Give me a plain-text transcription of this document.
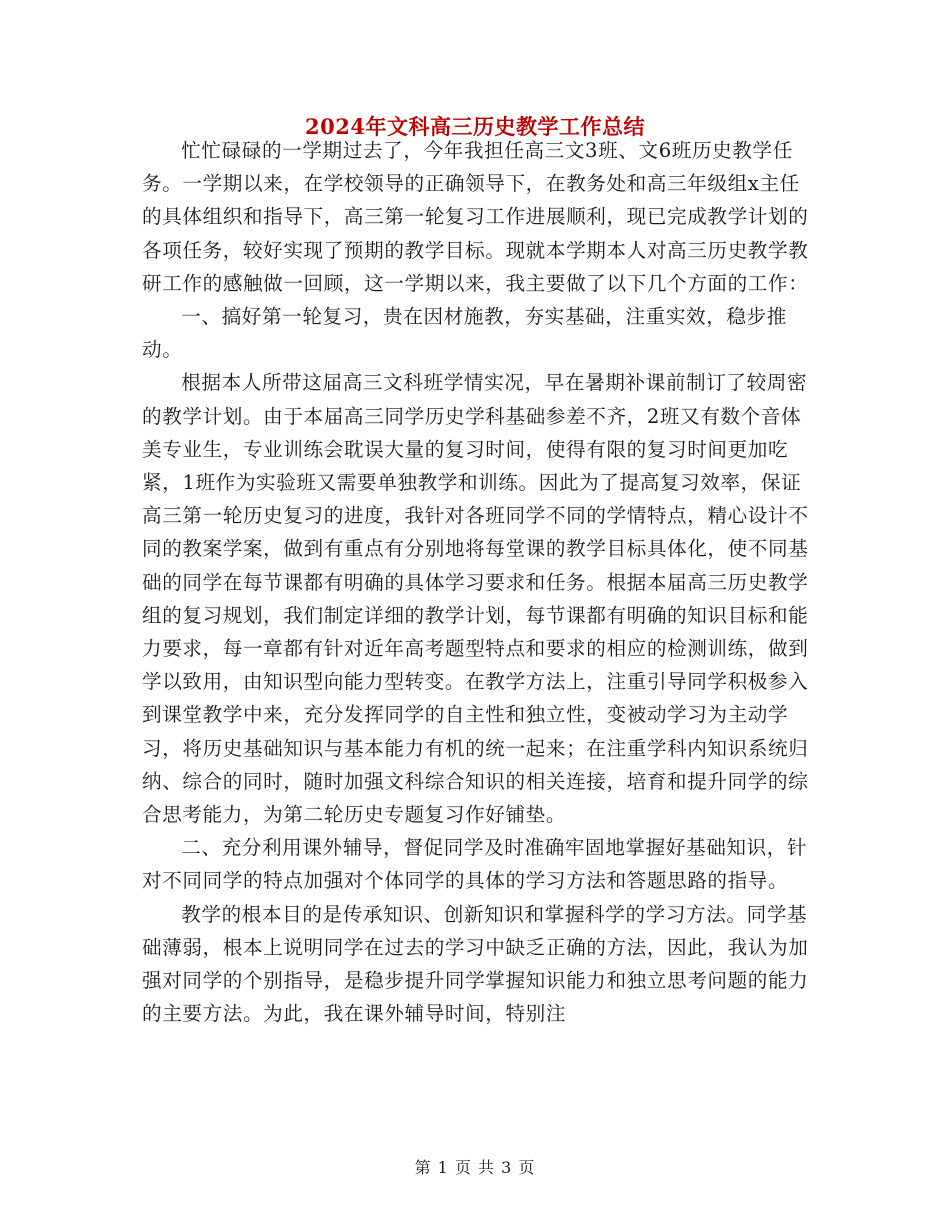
2024年文科高三历史教学工作总结

忙忙碌碌的一学期过去了，今年我担任高三文3班、文6班历史教学任务。一学期以来，在学校领导的正确领导下，在教务处和高三年级组x主任的具体组织和指导下，高三第一轮复习工作进展顺利，现已完成教学计划的各项任务，较好实现了预期的教学目标。现就本学期本人对高三历史教学教研工作的感触做一回顾，这一学期以来，我主要做了以下几个方面的工作：

一、搞好第一轮复习，贵在因材施教，夯实基础，注重实效，稳步推动。

根据本人所带这届高三文科班学情实况，早在暑期补课前制订了较周密的教学计划。由于本届高三同学历史学科基础参差不齐，2班又有数个音体美专业生，专业训练会耽误大量的复习时间，使得有限的复习时间更加吃紧，1班作为实验班又需要单独教学和训练。因此为了提高复习效率，保证高三第一轮历史复习的进度，我针对各班同学不同的学情特点，精心设计不同的教案学案，做到有重点有分别地将每堂课的教学目标具体化，使不同基础的同学在每节课都有明确的具体学习要求和任务。根据本届高三历史教学组的复习规划，我们制定详细的教学计划，每节课都有明确的知识目标和能力要求，每一章都有针对近年高考题型特点和要求的相应的检测训练，做到学以致用，由知识型向能力型转变。在教学方法上，注重引导同学积极参入到课堂教学中来，充分发挥同学的自主性和独立性，变被动学习为主动学习，将历史基础知识与基本能力有机的统一起来；在注重学科内知识系统归纳、综合的同时，随时加强文科综合知识的相关连接，培育和提升同学的综合思考能力，为第二轮历史专题复习作好铺垫。

二、充分利用课外辅导，督促同学及时准确牢固地掌握好基础知识，针对不同同学的特点加强对个体同学的具体的学习方法和答题思路的指导。

教学的根本目的是传承知识、创新知识和掌握科学的学习方法。同学基础薄弱，根本上说明同学在过去的学习中缺乏正确的方法，因此，我认为加强对同学的个别指导，是稳步提升同学掌握知识能力和独立思考问题的能力的主要方法。为此，我在课外辅导时间，特别注

第 1 页 共 3 页
